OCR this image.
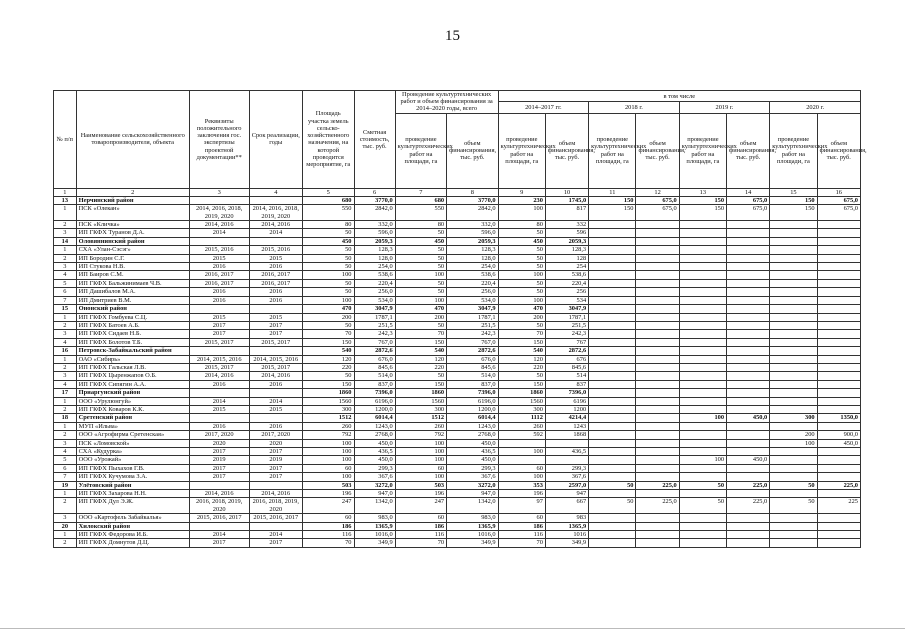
15
№ п/п	Наименование сельскохозяйственного товаропроизводителя, объекта	Реквизиты положительного заключения гос. экспертизы проектной документации**	Срок реализации, годы	Площадь участка земель сельско-хозяйственного назначения, на которой проводится мероприятие, га	Сметная стоимость, тыс. руб.	Проведение культуртехнических работ и объем финансирования за 2014–2020 годы, всего		в том числе							
								2014–2017 гг.		2018 г.		2019 г.		2020 г.	
						проведение культуртехнических работ на площади, га	объем финансирования, тыс. руб.	проведение культуртехнических работ на площади, га	объем финансирования, тыс. руб.	проведение культуртехнических работ на площади, га	объем финансирования, тыс. руб.	проведение культуртехнических работ на площади, га	объем финансирования, тыс. руб.	проведение культуртехнических работ на площади, га	объем финансирования, тыс. руб.
1	2	3	4	5	6	7	8	9	10	11	12	13	14	15	16
13	Нерчинский район			680	3770,0	680	3770,0	230	1745,0	150	675,0	150	675,0	150	675,0
1	ПСК «Олекан»	2014, 2016, 2018, 2019, 2020	2014, 2016, 2018, 2019, 2020	550	2842,0	550	2842,0	100	817	150	675,0	150	675,0	150	675,0
2	ПСК «Кличка»	2014, 2016	2014, 2016	80	332,0	80	332,0	80	332						
3	ИП ГКФХ Туранов Д.А.	2014	2014	50	596,0	50	596,0	50	596						
14	Оловяннинский район			450	2059,3	450	2059,3	450	2059,3						
1	СХА «Улан-Сэсэг»	2015, 2016	2015, 2016	50	128,3	50	128,3	50	128,3						
2	ИП Бородин С.Г.	2015	2015	50	128,0	50	128,0	50	128						
3	ИП Стукова Н.В.	2016	2016	50	254,0	50	254,0	50	254						
4	ИП Баиров С.М.	2016, 2017	2016, 2017	100	538,6	100	538,6	100	538,6						
5	ИП ГКФХ Бальжинимаев Ч.В.	2016, 2017	2016, 2017	50	220,4	50	220,4	50	220,4						
6	ИП Дашибалов М.А.	2016	2016	50	256,0	50	256,0	50	256						
7	ИП Дмитриев В.М.	2016	2016	100	534,0	100	534,0	100	534						
15	Ононский район			470	3047,9	470	3047,9	470	3047,9						
1	ИП ГКФХ Гомбуева С.Ц.	2015	2015	200	1787,1	200	1787,1	200	1787,1						
2	ИП ГКФХ Батоев А.Б.	2017	2017	50	251,5	50	251,5	50	251,5						
3	ИП ГКФХ Сидаев Н.Б.	2017	2017	70	242,3	70	242,3	70	242,3						
4	ИП ГКФХ Болотов Т.Б.	2015, 2017	2015, 2017	150	767,0	150	767,0	150	767						
16	Петровск-Забайкальский район			540	2872,6	540	2872,6	540	2872,6						
1	ОАО «Сибирь»	2014, 2015, 2016	2014, 2015, 2016	120	676,0	120	676,0	120	676						
2	ИП ГКФХ Гальская Л.В.	2015, 2017	2015, 2017	220	845,6	220	845,6	220	845,6						
3	ИП ГКФХ Цыренжапов О.Б.	2014, 2016	2014, 2016	50	514,0	50	514,0	50	514						
4	ИП ГКФХ Сипягин А.А.	2016	2016	150	837,0	150	837,0	150	837						
17	Приаргунский район			1860	7396,0	1860	7396,0	1860	7396,0						
1	ООО «Урулюнгуй»	2014	2014	1560	6196,0	1560	6196,0	1560	6196						
2	ИП ГКФХ Коваров К.К.	2015	2015	300	1200,0	300	1200,0	300	1200						
18	Сретенский район			1512	6014,4	1512	6014,4	1112	4214,4			100	450,0	300	1350,0
1	МУП «Ильва»	2016	2016	260	1243,0	260	1243,0	260	1243						
2	ООО «Агрофирма Сретенская»	2017, 2020	2017, 2020	792	2768,0	792	2768,0	592	1868					200	900,0
3	ПСК «Ломовской»	2020	2020	100	450,0	100	450,0							100	450,0
4	СХА «Кудурка»	2017	2017	100	436,5	100	436,5	100	436,5						
5	ООО «Урожай»	2019	2019	100	450,0	100	450,0					100	450,0		
6	ИП ГКФХ Пыхахов Г.В.	2017	2017	60	299,3	60	299,3	60	299,3						
7	ИП ГКФХ Кучумова З.А.	2017	2017	100	367,6	100	367,6	100	367,6						
19	Улётовский район			503	3272,0	503	3272,0	353	2597,0	50	225,0	50	225,0	50	225,0
1	ИП ГКФХ Захарова Н.Н.	2014, 2016	2014, 2016	196	947,0	196	947,0	196	947						
2	ИП ГКФХ Дул Э.Ж.	2016, 2018, 2019, 2020	2016, 2018, 2019, 2020	247	1342,0	247	1342,0	97	667	50	225,0	50	225,0	50	225
3	ООО «Картофель Забайкалья»	2015, 2016, 2017	2015, 2016, 2017	60	983,0	60	983,0	60	983						
20	Хилокский район			186	1365,9	186	1365,9	186	1365,9						
1	ИП ГКФХ Федорова И.Б.	2014	2014	116	1016,0	116	1016,0	116	1016						
2	ИП ГКФХ Домнутов Д.Ц.	2017	2017	70	349,9	70	349,9	70	349,9						
